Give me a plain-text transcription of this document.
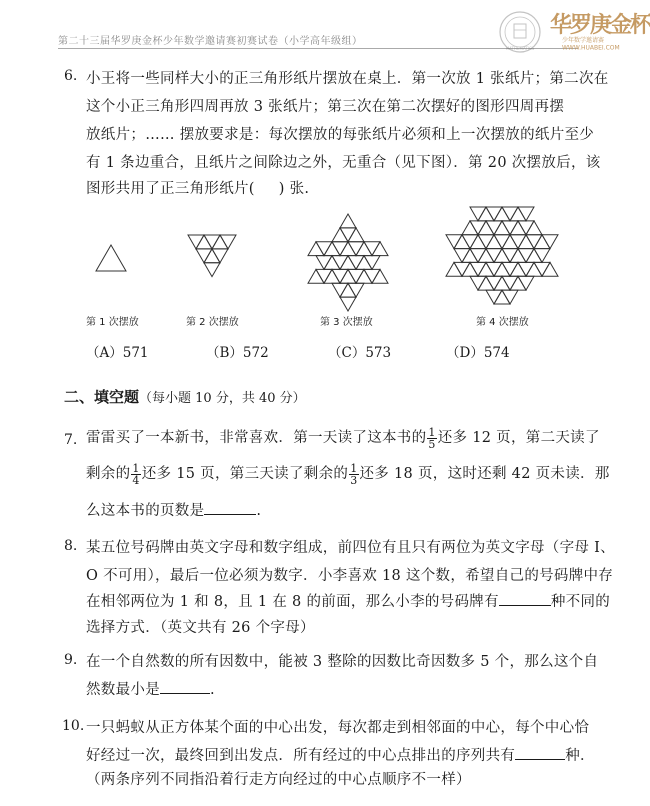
第二十三届华罗庚金杯少年数学邀请赛初赛试卷（小学高年级组）
MATHEMATICS
华罗庚金杯
少年数学邀请赛
WWW.HUABEI.COM
6. 小王将一些同样大小的正三角形纸片摆放在桌上．第一次放 1 张纸片；第二次在
这个小正三角形四周再放 3 张纸片；第三次在第二次摆好的图形四周再摆
放纸片；…… 摆放要求是：每次摆放的每张纸片必须和上一次摆放的纸片至少
有 1 条边重合，且纸片之间除边之外，无重合（见下图）．第 20 次摆放后，该
图形共用了正三角形纸片( ) 张.
第 1 次摆放	第 2 次摆放	第 3 次摆放	第 4 次摆放
（A）571	（B）572	（C）573	（D）574
二、填空题（每小题 10 分，共 40 分）
7. 雷雷买了一本新书，非常喜欢．第一天读了这本书的 $\frac{1}{5}$ 还多 12 页，第二天读了
剩余的 $\frac{1}{4}$ 还多 15 页，第三天读了剩余的 $\frac{1}{3}$ 还多 18 页，这时还剩 42 页未读．那
么这本书的页数是	.
8. 某五位号码牌由英文字母和数字组成，前四位有且只有两位为英文字母（字母 I、
O 不可用），最后一位必须为数字．小李喜欢 18 这个数，希望自己的号码牌中存
在相邻两位为 1 和 8，且 1 在 8 的前面，那么小李的号码牌有	种不同的
选择方式．（英文共有 26 个字母）
9. 在一个自然数的所有因数中，能被 3 整除的因数比奇因数多 5 个，那么这个自
然数最小是	.
10. 一只蚂蚁从正方体某个面的中心出发，每次都走到相邻面的中心，每个中心恰
好经过一次，最终回到出发点．所有经过的中心点排出的序列共有	种．
（两条序列不同指沿着行走方向经过的中心点顺序不一样）
